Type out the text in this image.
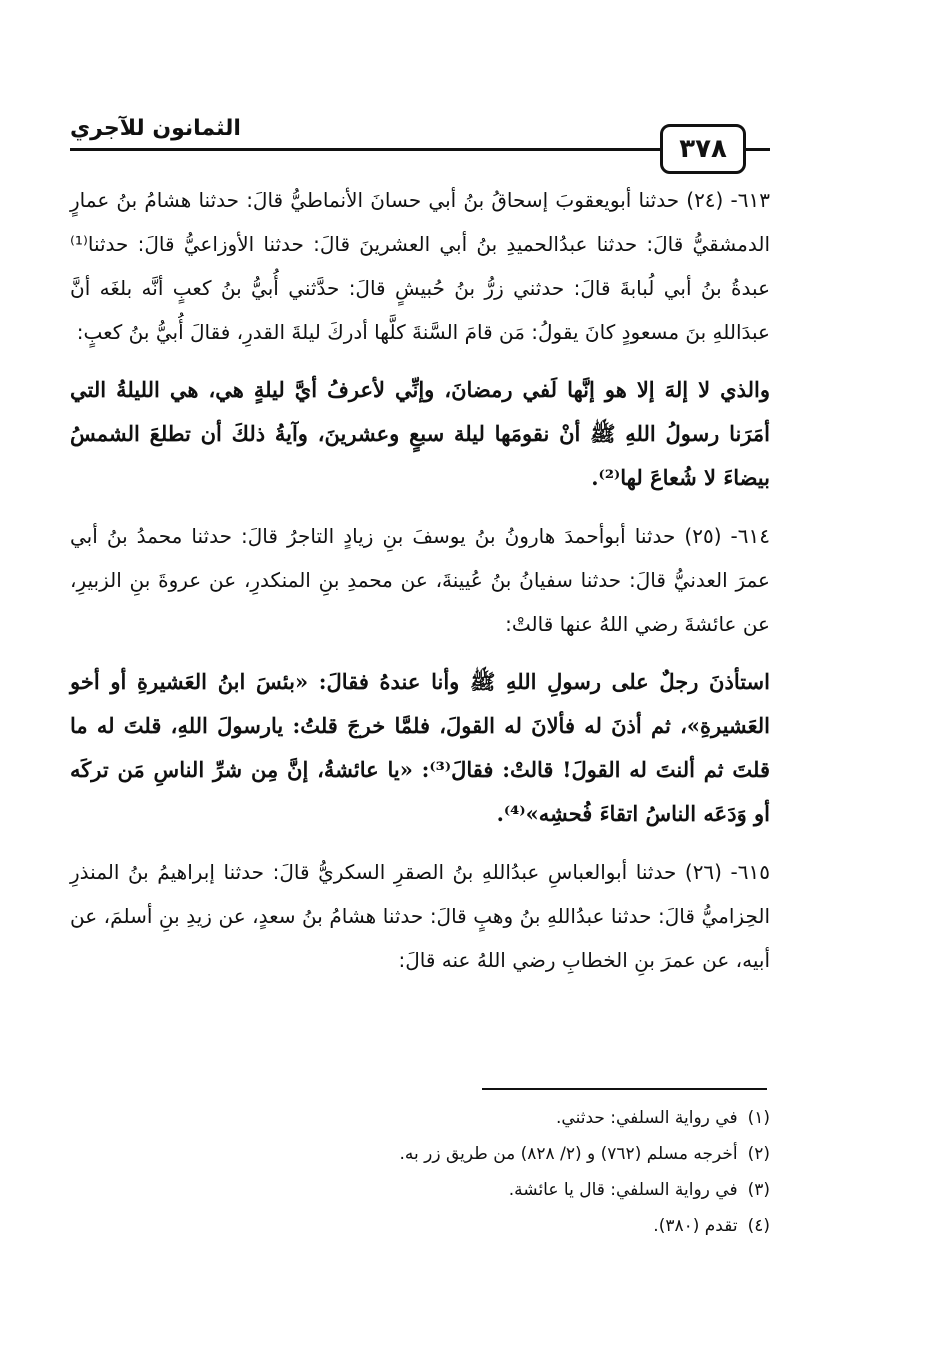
٣٧٨
الثمانون للآجري

٦١٣- (٢٤) حدثنا أبويعقوبَ إسحاقُ بنُ أبي حسانَ الأنماطيُّ قالَ: حدثنا هشامُ بنُ عمارٍ الدمشقيُّ قالَ: حدثنا عبدُالحميدِ بنُ أبي العشرينَ قالَ: حدثنا الأوزاعيُّ قالَ: حدثنا⁽¹⁾ عبدةُ بنُ أبي لُبابةَ قالَ: حدثني زرُّ بنُ حُبيشٍ قالَ: حدَّثني أُبيُّ بنُ كعبٍ أنَّه بلغَه أنَّ عبدَاللهِ بنَ مسعودٍ كانَ يقولُ: مَن قامَ السَّنةَ كلَّها أدركَ ليلةَ القدرِ، فقالَ أُبيُّ بنُ كعبٍ:

والذي لا إلهَ إلا هو إنَّها لَفي رمضانَ، وإنِّي لأعرفُ أيَّ ليلةٍ هي، هي الليلةُ التي أمَرَنا رسولُ اللهِ ﷺ أنْ نقومَها ليلة سبعٍ وعشرينَ، وآيةُ ذلكَ أن تطلعَ الشمسُ بيضاءَ لا شُعاعَ لها⁽²⁾.

٦١٤- (٢٥) حدثنا أبوأحمدَ هارونُ بنُ يوسفَ بنِ زيادٍ التاجرُ قالَ: حدثنا محمدُ بنُ أبي عمرَ العدنيُّ قالَ: حدثنا سفيانُ بنُ عُيينةَ، عن محمدِ بنِ المنكدرِ، عن عروةَ بنِ الزبيرِ، عن عائشةَ رضي اللهُ عنها قالتْ:

استأذنَ رجلٌ على رسولِ اللهِ ﷺ وأنا عندهُ فقالَ: «بئسَ ابنُ العَشيرةِ أو أخو العَشيرةِ»، ثم أذنَ له فألانَ له القولَ، فلمَّا خرجَ قلتُ: يارسولَ اللهِ، قلتَ له ما قلتَ ثم ألنتَ له القولَ! قالتْ: فقالَ⁽³⁾: «يا عائشةُ، إنَّ مِن شرِّ الناسِ مَن تركَه أو وَدَعَه الناسُ اتقاءَ فُحشِه»⁽⁴⁾.

٦١٥- (٢٦) حدثنا أبوالعباسِ عبدُاللهِ بنُ الصقرِ السكريُّ قالَ: حدثنا إبراهيمُ بنُ المنذرِ الحِزاميُّ قالَ: حدثنا عبدُاللهِ بنُ وهبٍ قالَ: حدثنا هشامُ بنُ سعدٍ، عن زيدِ بنِ أسلمَ، عن أبيه، عن عمرَ بنِ الخطابِ رضي اللهُ عنه قالَ:

(١)في رواية السلفي: حدثني.

(٢)أخرجه مسلم (٧٦٢) و (٢/ ٨٢٨) من طريق زر به.

(٣)في رواية السلفي: قال يا عائشة.

(٤)تقدم (٣٨٠).
